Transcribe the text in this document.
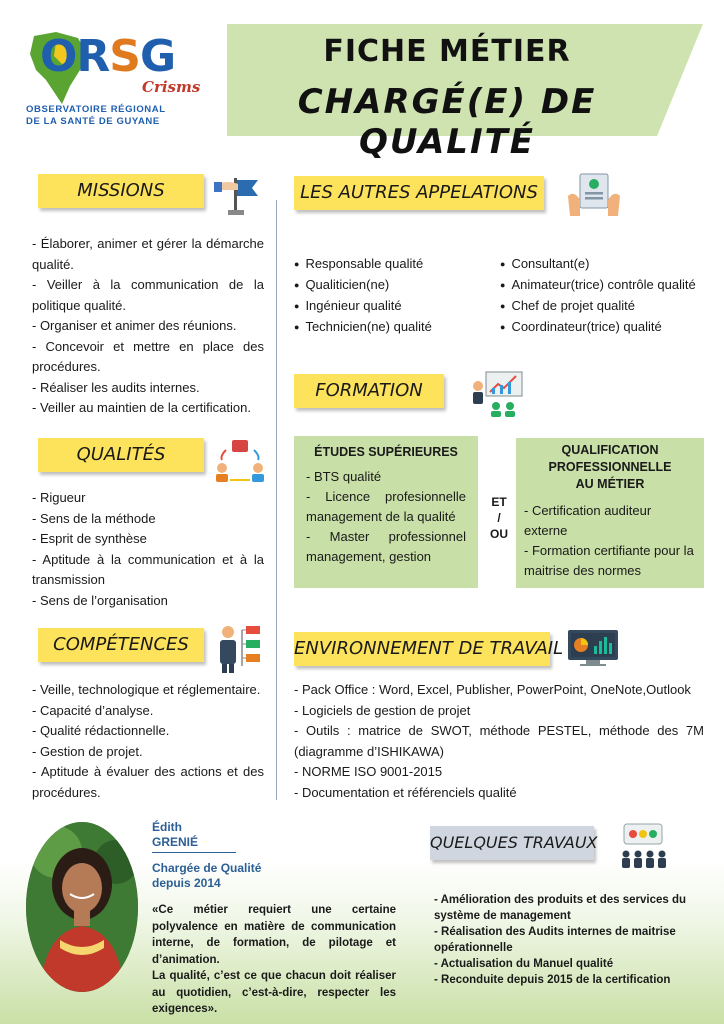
ORSG
Crisms
OBSERVATOIRE RÉGIONAL
DE LA SANTÉ DE GUYANE
FICHE MÉTIER
CHARGÉ(E) DE QUALITÉ
MISSIONS

- Élaborer, animer et gérer la démarche qualité.

- Veiller à la communication de la politique qualité.

- Organiser et animer des réunions.

- Concevoir et mettre en place des procédures.

- Réaliser les audits internes.

- Veiller au maintien de la certification.

QUALITÉS

- Rigueur

- Sens de la méthode

- Esprit de synthèse

- Aptitude à la communication et à la transmission

- Sens de l’organisation

COMPÉTENCES

- Veille, technologique et réglementaire.

- Capacité d’analyse.

- Qualité rédactionnelle.

- Gestion de projet.

- Aptitude à évaluer des actions et des procédures.

LES AUTRES APPELATIONS
● Responsable qualité
● Qualiticien(ne)
● Ingénieur qualité
● Technicien(ne) qualité
● Consultant(e)
● Animateur(trice) contrôle qualité
● Chef de projet qualité
● Coordinateur(trice) qualité
FORMATION
ÉTUDES SUPÉRIEURES

- BTS qualité

- Licence profesionnelle management de la qualité

- Master professionnel management, gestion

ET
/
OU
QUALIFICATION
PROFESSIONNELLE
AU MÉTIER

- Certification auditeur externe

- Formation certifiante pour la maitrise des normes

ENVIRONNEMENT DE TRAVAIL

- Pack Office : Word, Excel, Publisher, PowerPoint, OneNote,Outlook

- Logiciels de gestion de projet

- Outils : matrice de SWOT, méthode PESTEL, méthode des 7M (diagramme d’ISHIKAWA)

- NORME ISO 9001-2015

- Documentation et référenciels qualité

Édith
GRENIÉ
Chargée de Qualité
depuis 2014

«Ce métier requiert une certaine polyvalence en matière de communication interne, de formation, de pilotage et d’animation.

La qualité, c’est ce que chacun doit réaliser au quotidien, c’est-à-dire, respecter les exigences».

QUELQUES TRAVAUX

- Amélioration des produits et des services du système de management

- Réalisation des Audits internes de maitrise opérationnelle

- Actualisation du Manuel qualité

- Reconduite depuis 2015 de la certification
